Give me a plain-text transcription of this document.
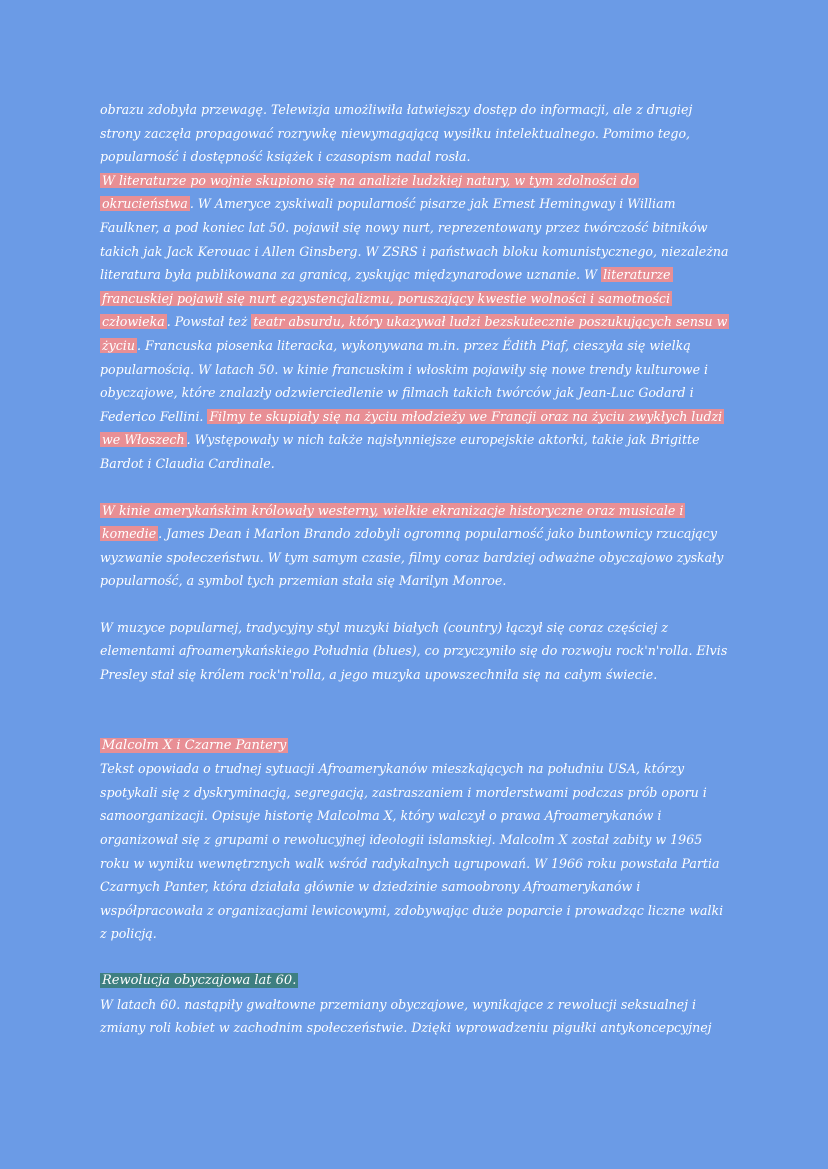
obrazu zdobyła przewagę. Telewizja umożliwiła łatwiejszy dostęp do informacji, ale z drugiej strony zaczęła propagować rozrywkę niewymagającą wysiłku intelektualnego. Pomimo tego, popularność i dostępność książek i czasopism nadal rosła.

W literaturze po wojnie skupiono się na analizie ludzkiej natury, w tym zdolności do okrucieństwa . W Ameryce zyskiwali popularność pisarze jak Ernest Hemingway i William Faulkner, a pod koniec lat 50. pojawił się nowy nurt, reprezentowany przez twórczość bitników takich jak Jack Kerouac i Allen Ginsberg. W ZSRS i państwach bloku komunistycznego, niezależna literatura była publikowana za granicą, zyskując międzynarodowe uznanie. W literaturze francuskiej pojawił się nurt egzystencjalizmu, poruszający kwestie wolności i samotności człowieka . Powstał też teatr absurdu, który ukazywał ludzi bezskutecznie poszukujących sensu w życiu . Francuska piosenka literacka, wykonywana m.in. przez Édith Piaf, cieszyła się wielką popularnością. W latach 50. w kinie francuskim i włoskim pojawiły się nowe trendy kulturowe i obyczajowe, które znalazły odzwierciedlenie w filmach takich twórców jak Jean-Luc Godard i Federico Fellini. Filmy te skupiały się na życiu młodzieży we Francji oraz na życiu zwykłych ludzi we Włoszech . Występowały w nich także najsłynniejsze europejskie aktorki, takie jak Brigitte Bardot i Claudia Cardinale.

W kinie amerykańskim królowały westerny, wielkie ekranizacje historyczne oraz musicale i komedie . James Dean i Marlon Brando zdobyli ogromną popularność jako buntownicy rzucający wyzwanie społeczeństwu. W tym samym czasie, filmy coraz bardziej odważne obyczajowo zyskały popularność, a symbol tych przemian stała się Marilyn Monroe.

W muzyce popularnej, tradycyjny styl muzyki białych (country) łączył się coraz częściej z elementami afroamerykańskiego Południa (blues), co przyczyniło się do rozwoju rock'n'rolla. Elvis Presley stał się królem rock'n'rolla, a jego muzyka upowszechniła się na całym świecie.

Malcolm X i Czarne Pantery

Tekst opowiada o trudnej sytuacji Afroamerykanów mieszkających na południu USA, którzy spotykali się z dyskryminacją, segregacją, zastraszaniem i morderstwami podczas prób oporu i samoorganizacji. Opisuje historię Malcolma X, który walczył o prawa Afroamerykanów i organizował się z grupami o rewolucyjnej ideologii islamskiej. Malcolm X został zabity w 1965 roku w wyniku wewnętrznych walk wśród radykalnych ugrupowań. W 1966 roku powstała Partia Czarnych Panter, która działała głównie w dziedzinie samoobrony Afroamerykanów i współpracowała z organizacjami lewicowymi, zdobywając duże poparcie i prowadząc liczne walki z policją.

Rewolucja obyczajowa lat 60.

W latach 60. nastąpiły gwałtowne przemiany obyczajowe, wynikające z rewolucji seksualnej i zmiany roli kobiet w zachodnim społeczeństwie. Dzięki wprowadzeniu pigułki antykoncepcyjnej
